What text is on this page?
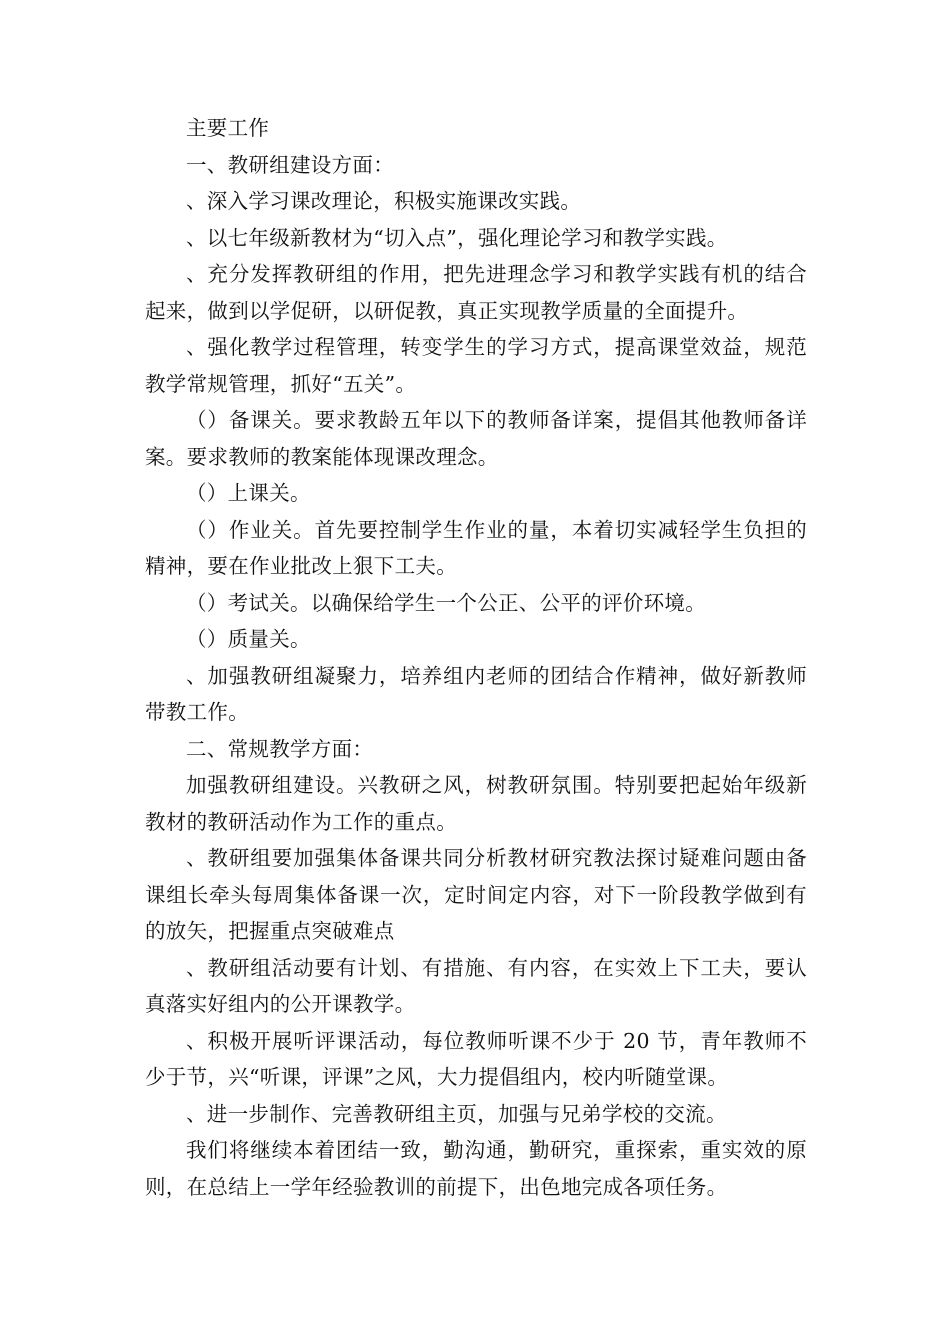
主要工作

一、教研组建设方面：

、深入学习课改理论，积极实施课改实践。

、以七年级新教材为“切入点”，强化理论学习和教学实践。

、充分发挥教研组的作用，把先进理念学习和教学实践有机的结合起来，做到以学促研，以研促教，真正实现教学质量的全面提升。

、强化教学过程管理，转变学生的学习方式，提高课堂效益，规范教学常规管理，抓好“五关”。

（）备课关。要求教龄五年以下的教师备详案，提倡其他教师备详案。要求教师的教案能体现课改理念。

（）上课关。

（）作业关。首先要控制学生作业的量，本着切实减轻学生负担的精神，要在作业批改上狠下工夫。

（）考试关。以确保给学生一个公正、公平的评价环境。

（）质量关。

、加强教研组凝聚力，培养组内老师的团结合作精神，做好新教师带教工作。

二、常规教学方面：

加强教研组建设。兴教研之风，树教研氛围。特别要把起始年级新教材的教研活动作为工作的重点。

、教研组要加强集体备课共同分析教材研究教法探讨疑难问题由备课组长牵头每周集体备课一次，定时间定内容，对下一阶段教学做到有的放矢，把握重点突破难点

、教研组活动要有计划、有措施、有内容，在实效上下工夫，要认真落实好组内的公开课教学。

、积极开展听评课活动，每位教师听课不少于 20 节，青年教师不少于节，兴“听课，评课”之风，大力提倡组内，校内听随堂课。

、进一步制作、完善教研组主页，加强与兄弟学校的交流。

我们将继续本着团结一致，勤沟通，勤研究，重探索，重实效的原则，在总结上一学年经验教训的前提下，出色地完成各项任务。
